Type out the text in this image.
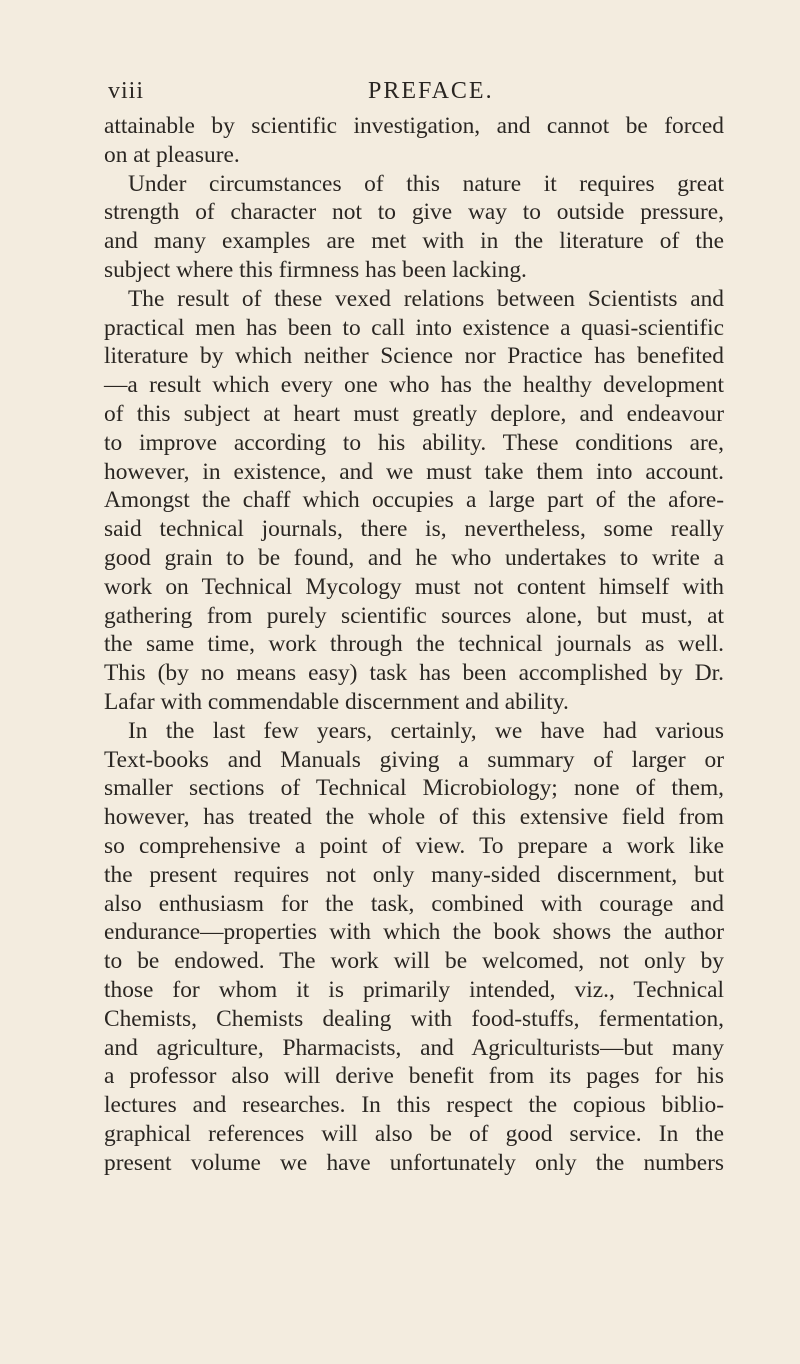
viii	PREFACE.
attainable by scientific investigation, and cannot be forced
on at pleasure.
Under circumstances of this nature it requires great
strength of character not to give way to outside pressure,
and many examples are met with in the literature of the
subject where this firmness has been lacking.
The result of these vexed relations between Scientists and
practical men has been to call into existence a quasi-scientific
literature by which neither Science nor Practice has benefited
—a result which every one who has the healthy development
of this subject at heart must greatly deplore, and endeavour
to improve according to his ability. These conditions are,
however, in existence, and we must take them into account.
Amongst the chaff which occupies a large part of the afore-
said technical journals, there is, nevertheless, some really
good grain to be found, and he who undertakes to write a
work on Technical Mycology must not content himself with
gathering from purely scientific sources alone, but must, at
the same time, work through the technical journals as well.
This (by no means easy) task has been accomplished by Dr.
Lafar with commendable discernment and ability.
In the last few years, certainly, we have had various
Text-books and Manuals giving a summary of larger or
smaller sections of Technical Microbiology; none of them,
however, has treated the whole of this extensive field from
so comprehensive a point of view. To prepare a work like
the present requires not only many-sided discernment, but
also enthusiasm for the task, combined with courage and
endurance—properties with which the book shows the author
to be endowed. The work will be welcomed, not only by
those for whom it is primarily intended, viz., Technical
Chemists, Chemists dealing with food-stuffs, fermentation,
and agriculture, Pharmacists, and Agriculturists—but many
a professor also will derive benefit from its pages for his
lectures and researches. In this respect the copious biblio-
graphical references will also be of good service. In the
present volume we have unfortunately only the numbers
